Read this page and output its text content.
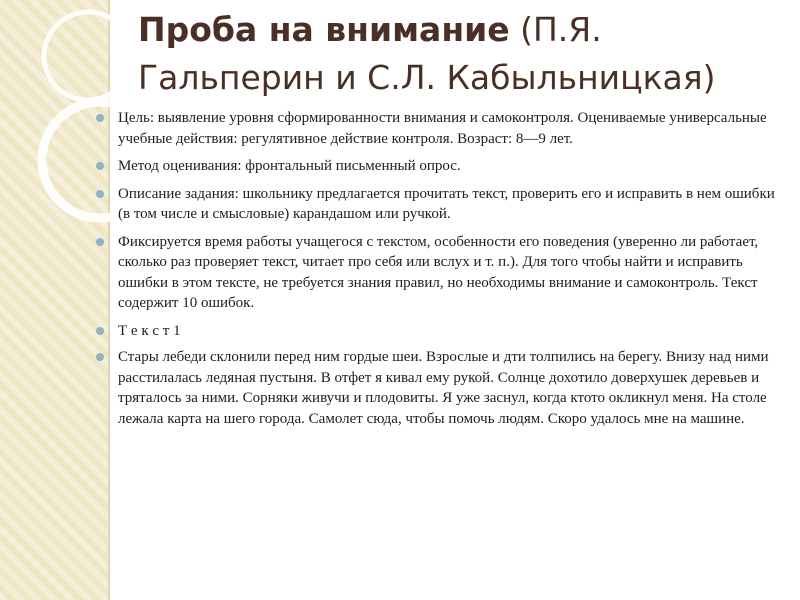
Проба на внимание (П.Я. Гальперин и С.Л. Кабыльницкая)
Цель: выявление уровня сформированности внимания и самоконтроля. Оцениваемые универсальные учебные действия: регулятивное действие контроля. Возраст: 8—9 лет.
Метод оценивания: фронтальный письменный опрос.
Описание задания: школьнику предлагается прочитать текст, проверить его и исправить в нем ошибки (в том числе и смысловые) карандашом или ручкой.
Фиксируется время работы учащегося с текстом, особенности его поведения (уверенно ли работает, сколько раз проверяет текст, читает про себя или вслух и т. п.). Для того чтобы найти и исправить ошибки в этом тексте, не требуется знания правил, но необходимы внимание и самоконтроль. Текст содержит 10 ошибок.
Т е к с т 1
Стары лебеди склонили перед ним гордые шеи. Взрослые и дти толпились на берегу. Внизу над ними расстилалась ледяная пустыня. В отфет я кивал ему рукой. Солнце дохотило доверхушек деревьев и тряталось за ними. Сорняки живучи и плодовиты. Я уже заснул, когда ктото окликнул меня. На столе лежала карта на шего города. Самолет сюда, чтобы помочь людям. Скоро удалось мне на машине.
